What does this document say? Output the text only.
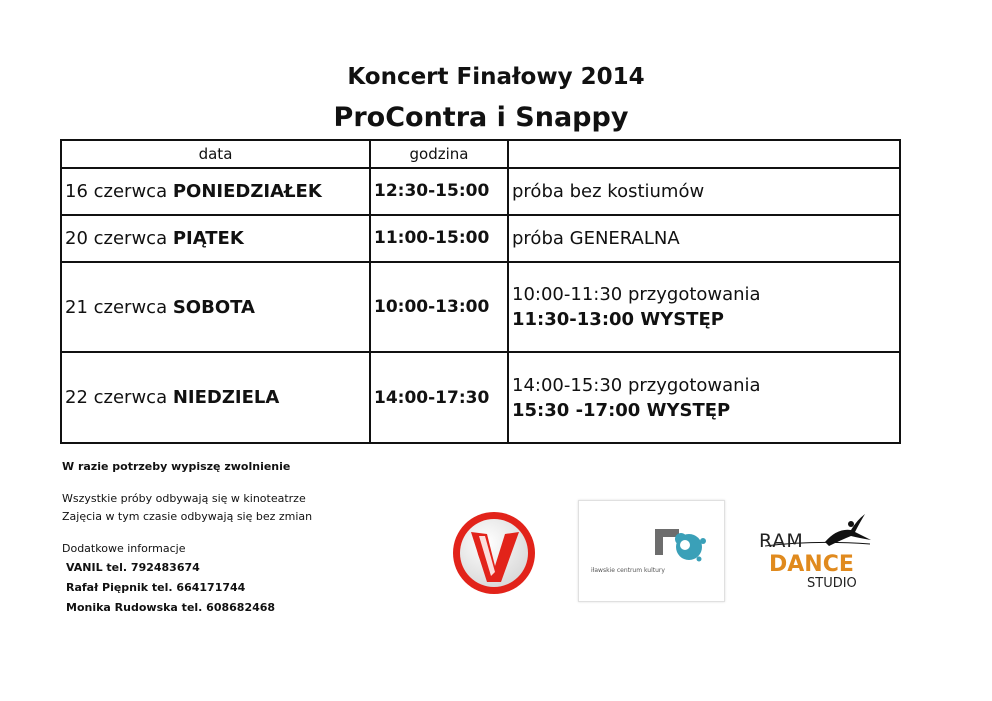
Koncert Finałowy 2014
ProContra i Snappy
data	godzina	
16 czerwca PONIEDZIAŁEK	12:30-15:00	próba bez kostiumów

20 czerwca PIĄTEK	11:00-15:00	próba GENERALNA

21 czerwca SOBOTA	10:00-13:00	10:00-11:30 przygotowania
11:30-13:00 WYSTĘP

22 czerwca NIEDZIELA	14:00-17:30	14:00-15:30 przygotowania
15:30 -17:00 WYSTĘP
W razie potrzeby wypiszę zwolnienie
Wszystkie próby odbywają się w kinoteatrze
Zajęcia w tym czasie odbywają się bez zmian
Dodatkowe informacje
VANIL tel. 792483674
Rafał Piępnik tel. 664171744
Monika Rudowska tel. 608682468
iławskie centrum kultury
RAM
DANCE
STUDIO
